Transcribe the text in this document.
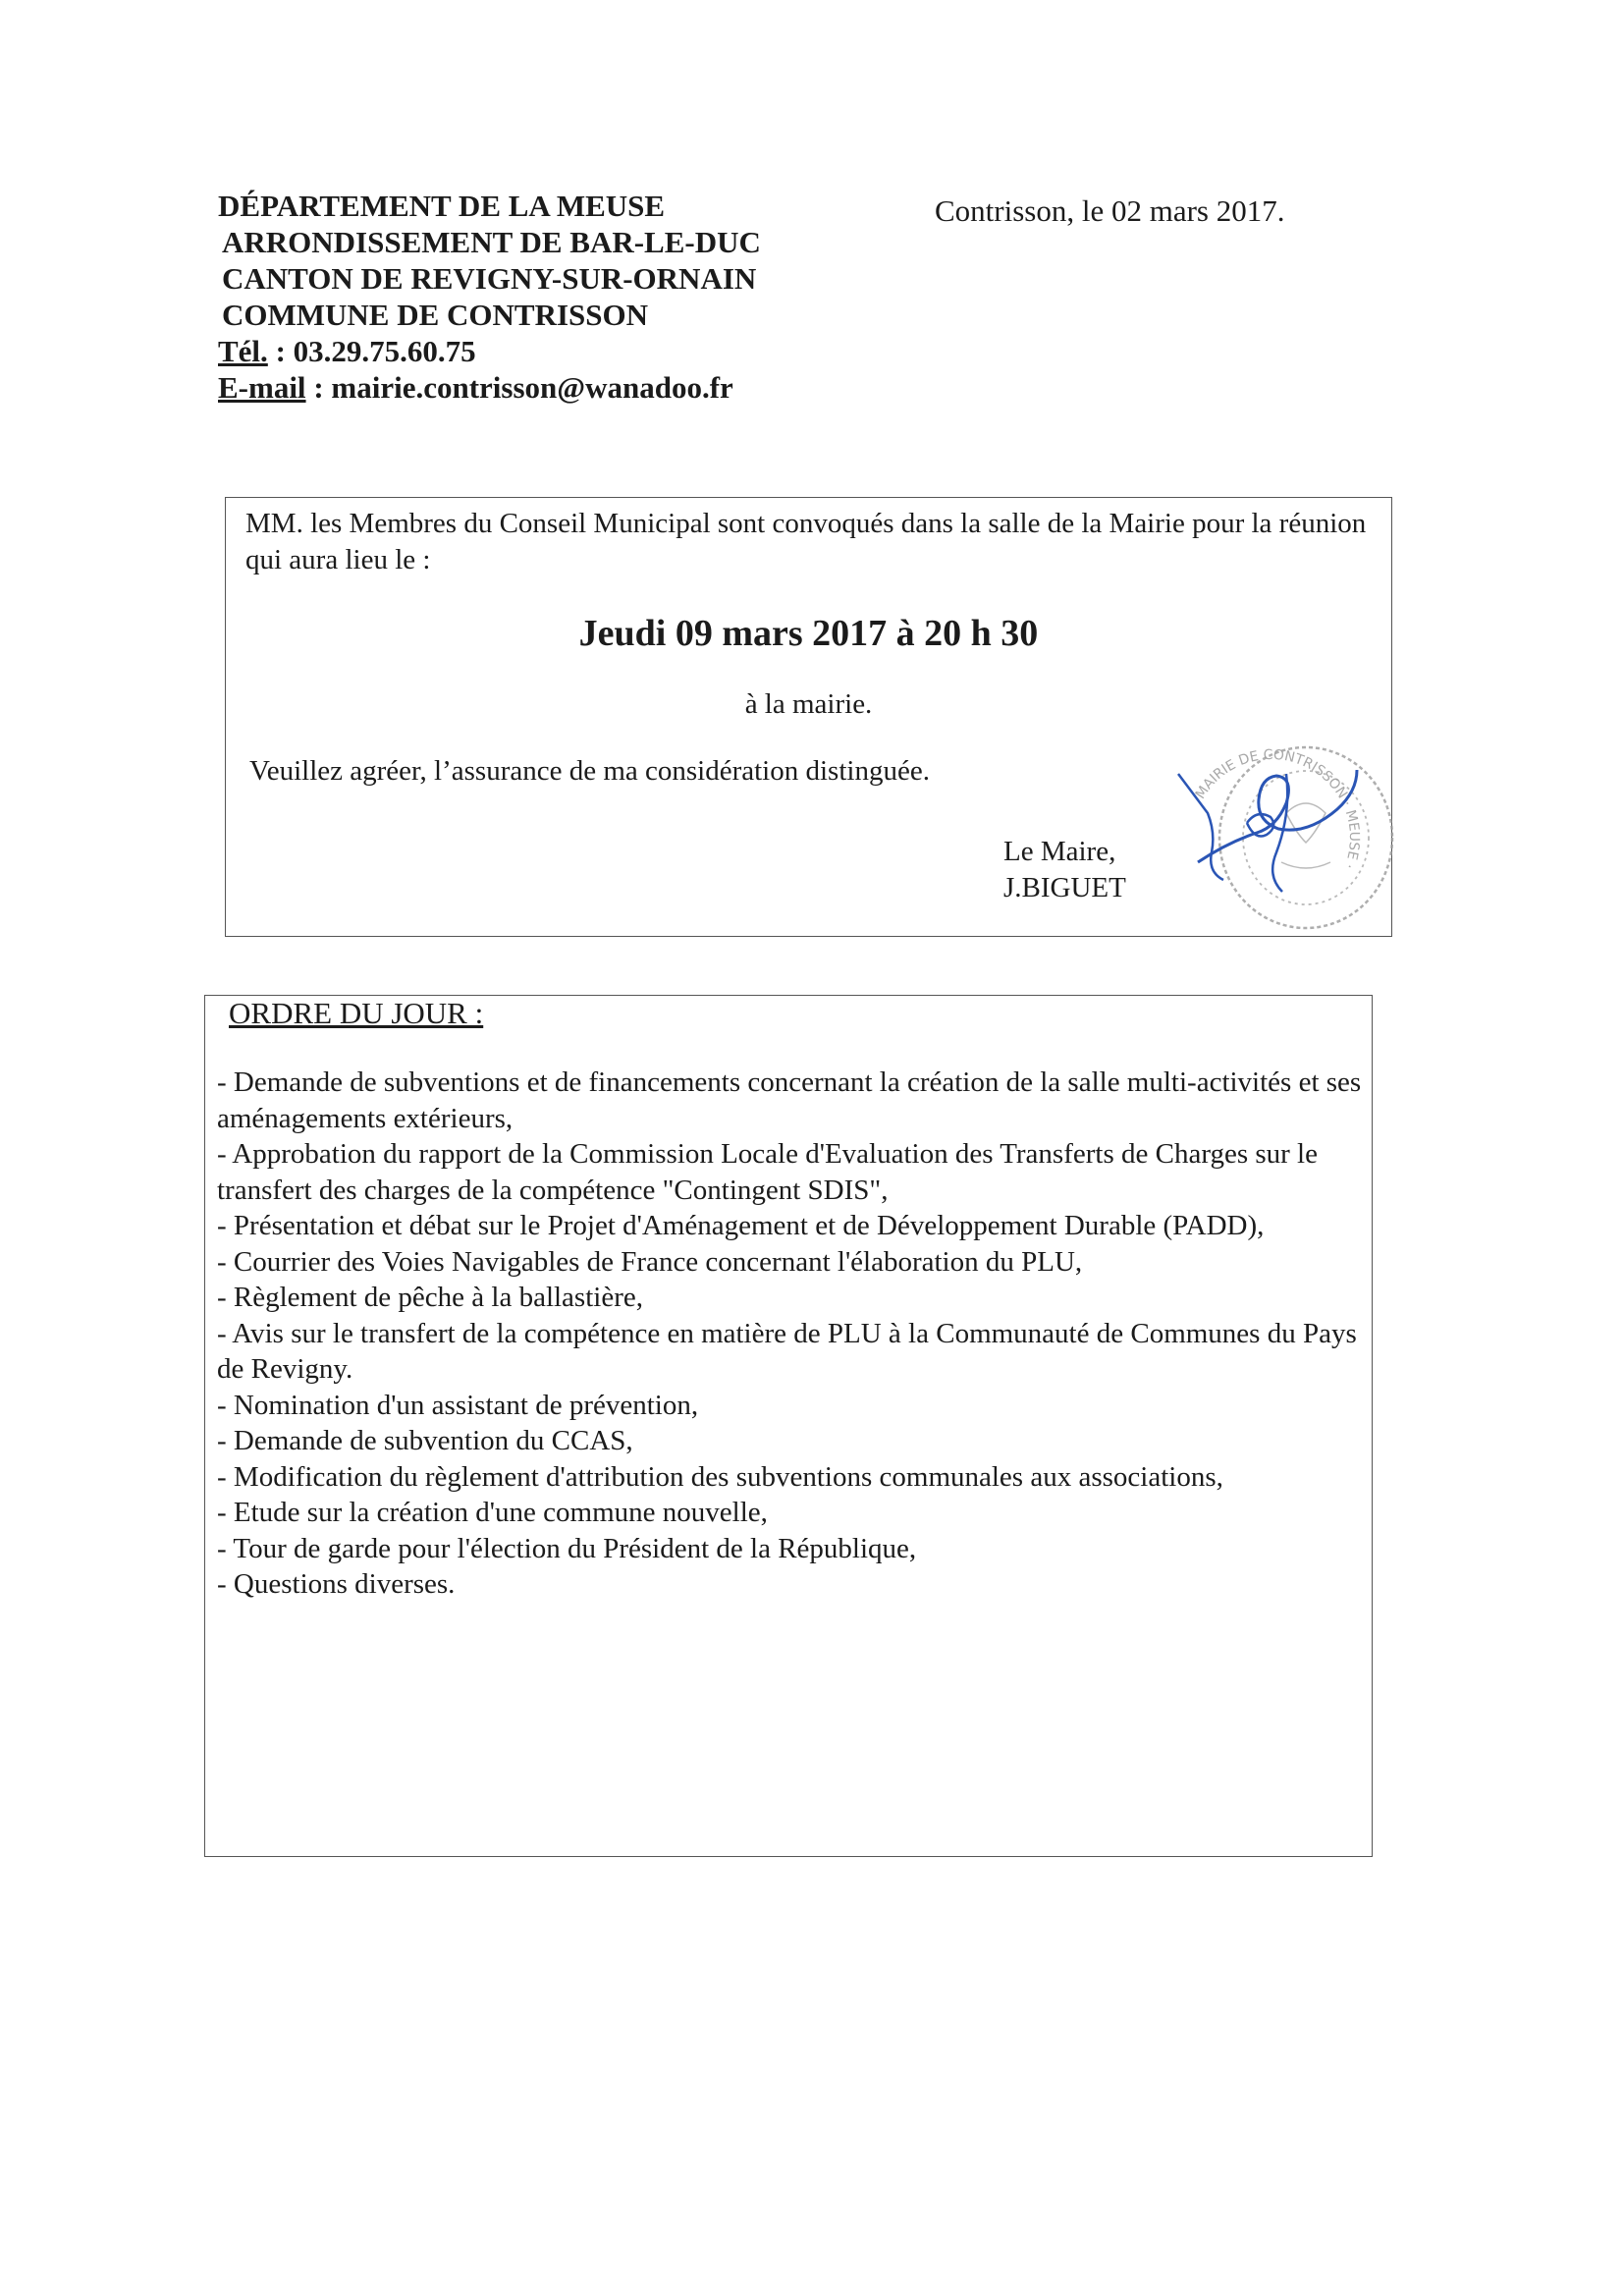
DÉPARTEMENT DE LA MEUSE
ARRONDISSEMENT DE BAR-LE-DUC
CANTON DE REVIGNY-SUR-ORNAIN
COMMUNE DE CONTRISSON
Tél. : 03.29.75.60.75
E-mail : mairie.contrisson@wanadoo.fr
Contrisson, le 02 mars 2017.
MM. les Membres du Conseil Municipal sont convoqués dans la salle de la Mairie pour la réunion qui aura lieu le :
Jeudi 09 mars 2017 à 20 h 30
à la mairie.
Veuillez agréer, l’assurance de ma considération distinguée.
Le Maire,
J.BIGUET
MAIRIE DE CONTRISSON · MEUSE ·
ORDRE DU JOUR :
- Demande de subventions et de financements concernant la création de la salle multi-activités et ses aménagements extérieurs,
- Approbation du rapport de la Commission Locale d'Evaluation des Transferts de Charges sur le transfert des charges de la compétence "Contingent SDIS",
- Présentation et débat sur le Projet d'Aménagement et de Développement Durable (PADD),
- Courrier des Voies Navigables de France concernant l'élaboration du PLU,
- Règlement de pêche à la ballastière,
- Avis sur le transfert de la compétence en matière de PLU à la Communauté de Communes du Pays de Revigny.
- Nomination d'un assistant de prévention,
- Demande de subvention du CCAS,
- Modification du règlement d'attribution des subventions communales aux associations,
- Etude sur la création d'une commune nouvelle,
- Tour de garde pour l'élection du Président de la République,
- Questions diverses.
